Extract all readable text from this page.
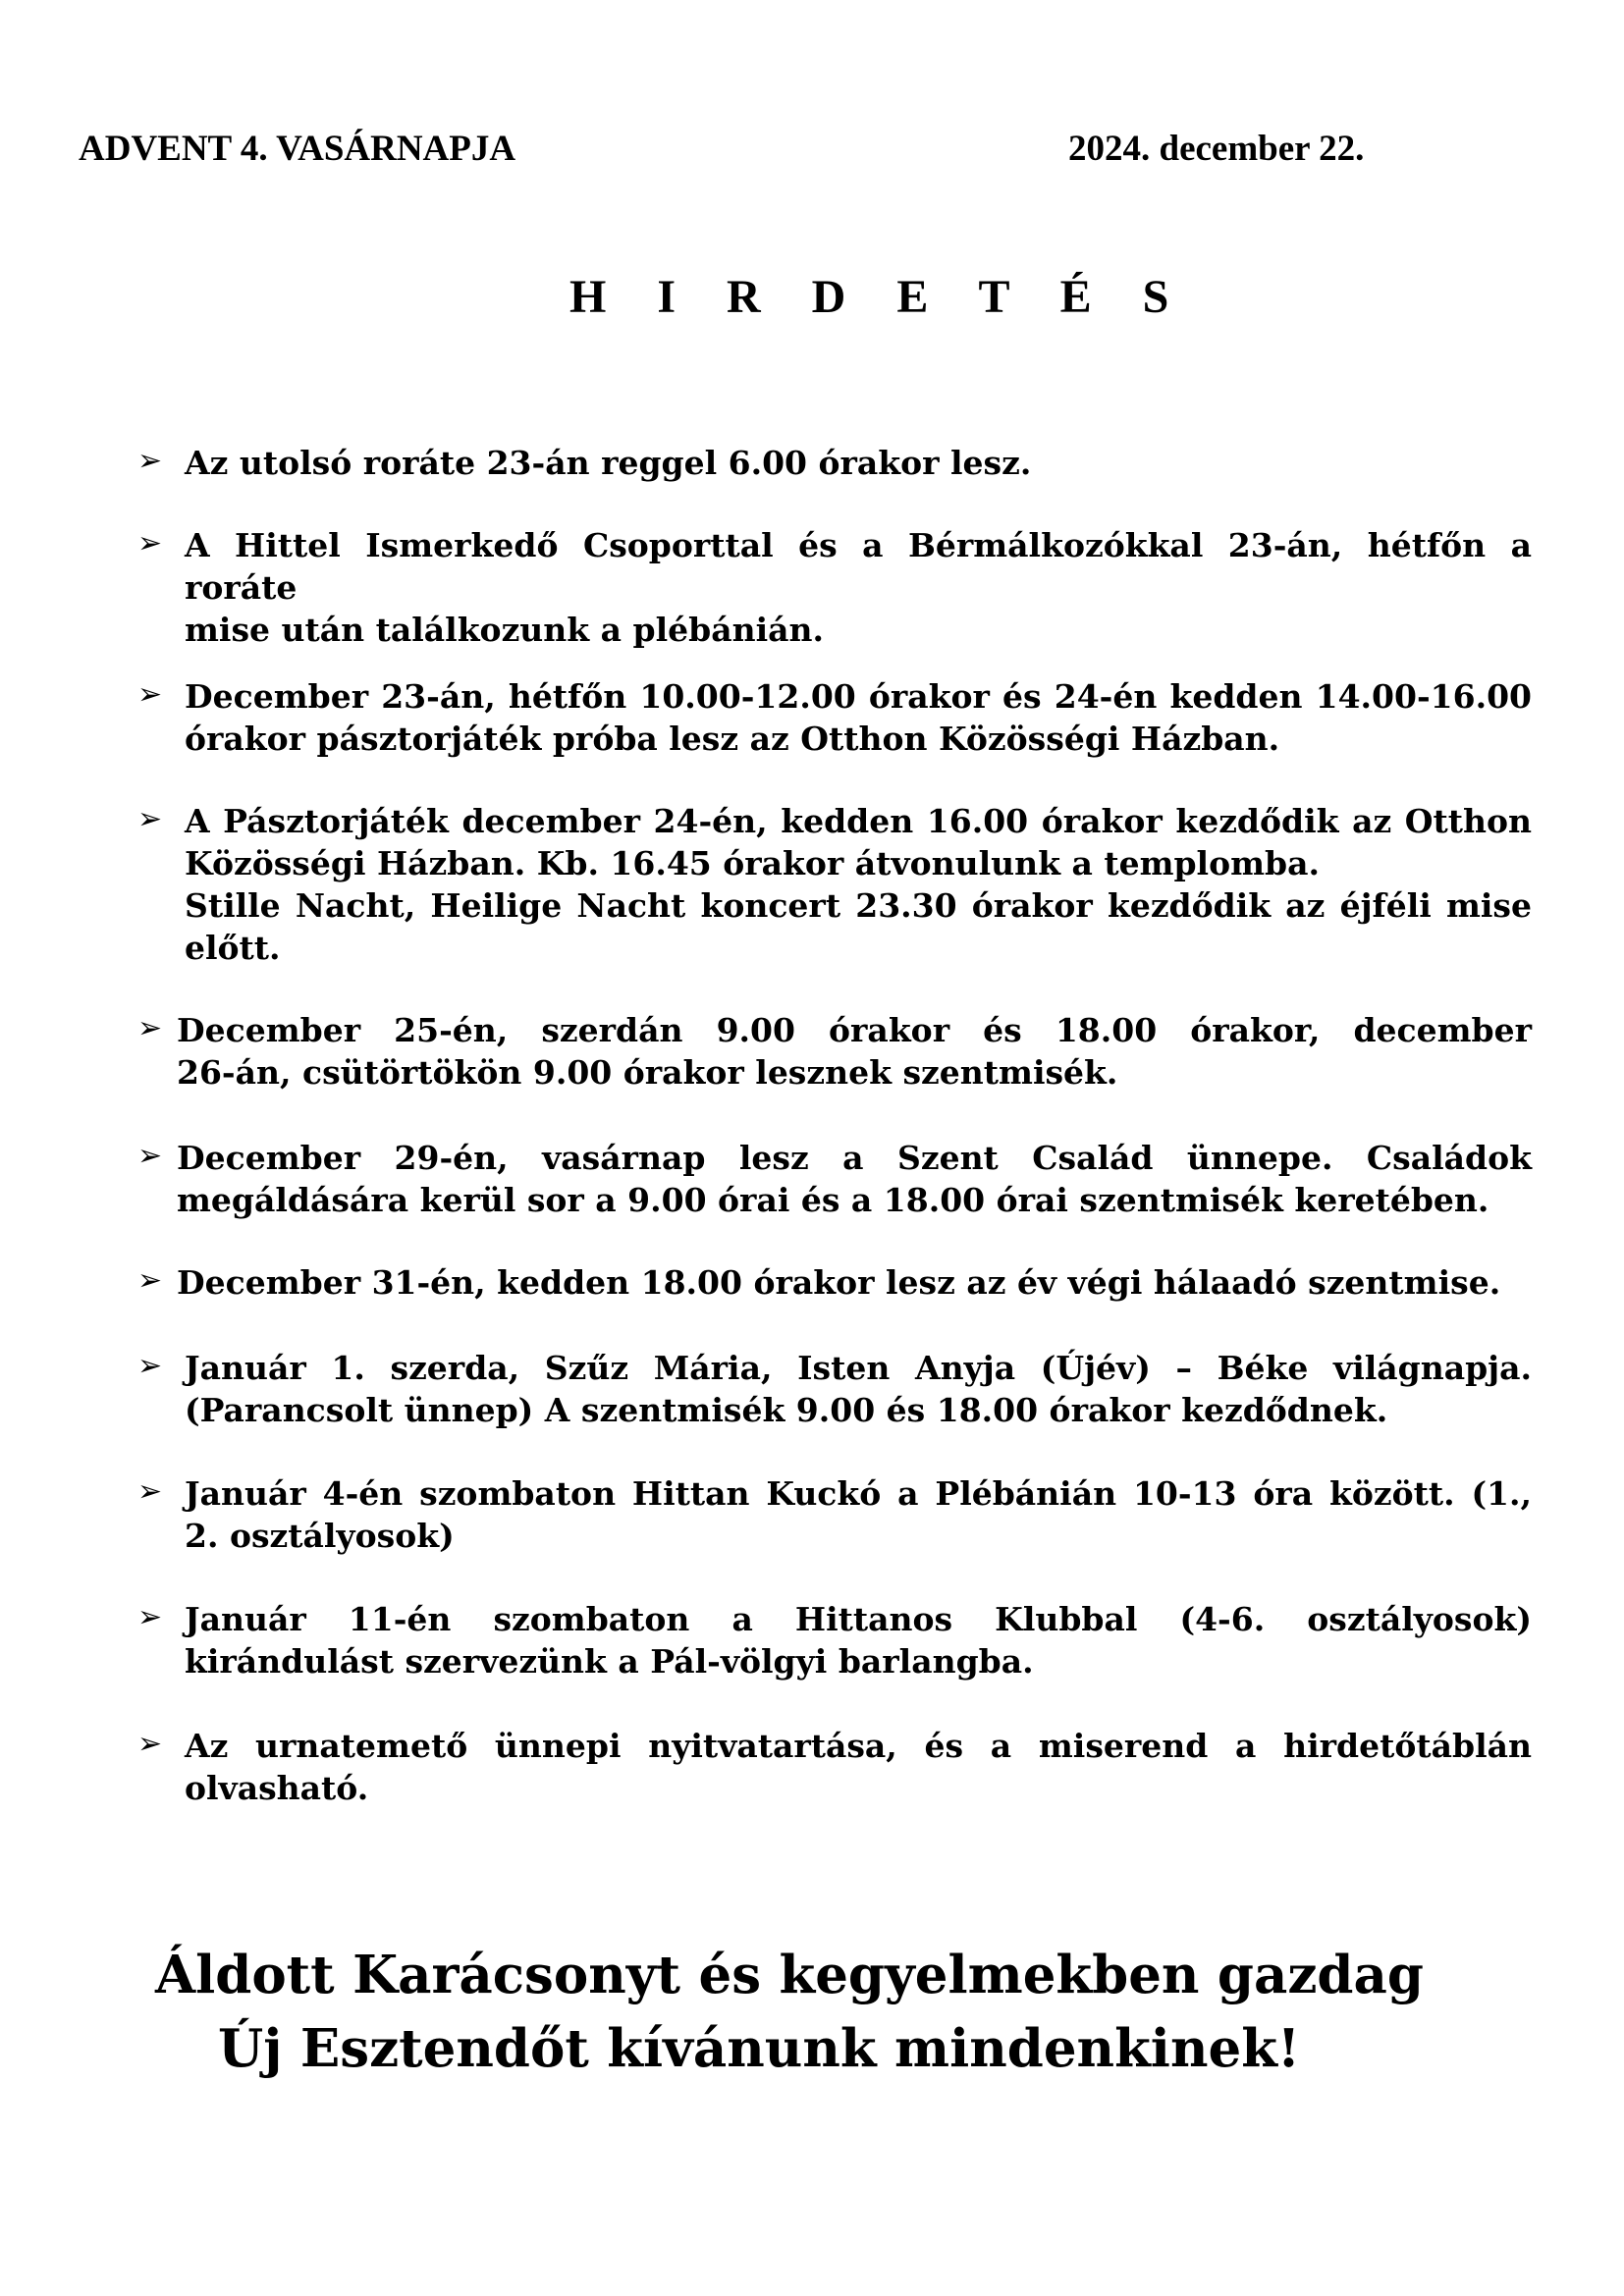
ADVENT 4. VASÁRNAPJA	2024. december 22.
H I R D E T É S
➢ Az utolsó roráte 23-án reggel 6.00 órakor lesz.
➢ A Hittel Ismerkedő Csoporttal és a Bérmálkozókkal 23-án, hétfőn a roráte
mise után találkozunk a plébánián.
➢ December 23-án, hétfőn 10.00-12.00 órakor és 24-én kedden 14.00-16.00
órakor pásztorjáték próba lesz az Otthon Közösségi Házban.
➢ A Pásztorjáték december 24-én, kedden 16.00 órakor kezdődik az Otthon
Közösségi Házban. Kb. 16.45 órakor átvonulunk a templomba.
Stille Nacht, Heilige Nacht koncert 23.30 órakor kezdődik az éjféli mise
előtt.
➢ December 25-én, szerdán 9.00 órakor és 18.00 órakor, december
26-án, csütörtökön 9.00 órakor lesznek szentmisék.
➢ December 29-én, vasárnap lesz a Szent Család ünnepe. Családok
megáldására kerül sor a 9.00 órai és a 18.00 órai szentmisék keretében.
➢ December 31-én, kedden 18.00 órakor lesz az év végi hálaadó szentmise.
➢ Január 1. szerda, Szűz Mária, Isten Anyja (Újév) – Béke világnapja.
(Parancsolt ünnep) A szentmisék 9.00 és 18.00 órakor kezdődnek.
➢ Január 4-én szombaton Hittan Kuckó a Plébánián 10-13 óra között. (1.,
2. osztályosok)
➢ Január 11-én szombaton a Hittanos Klubbal (4-6. osztályosok)
kirándulást szervezünk a Pál-völgyi barlangba.
➢ Az urnatemető ünnepi nyitvatartása, és a miserend a hirdetőtáblán
olvasható.
Áldott Karácsonyt és kegyelmekben gazdag
Új Esztendőt kívánunk mindenkinek!
